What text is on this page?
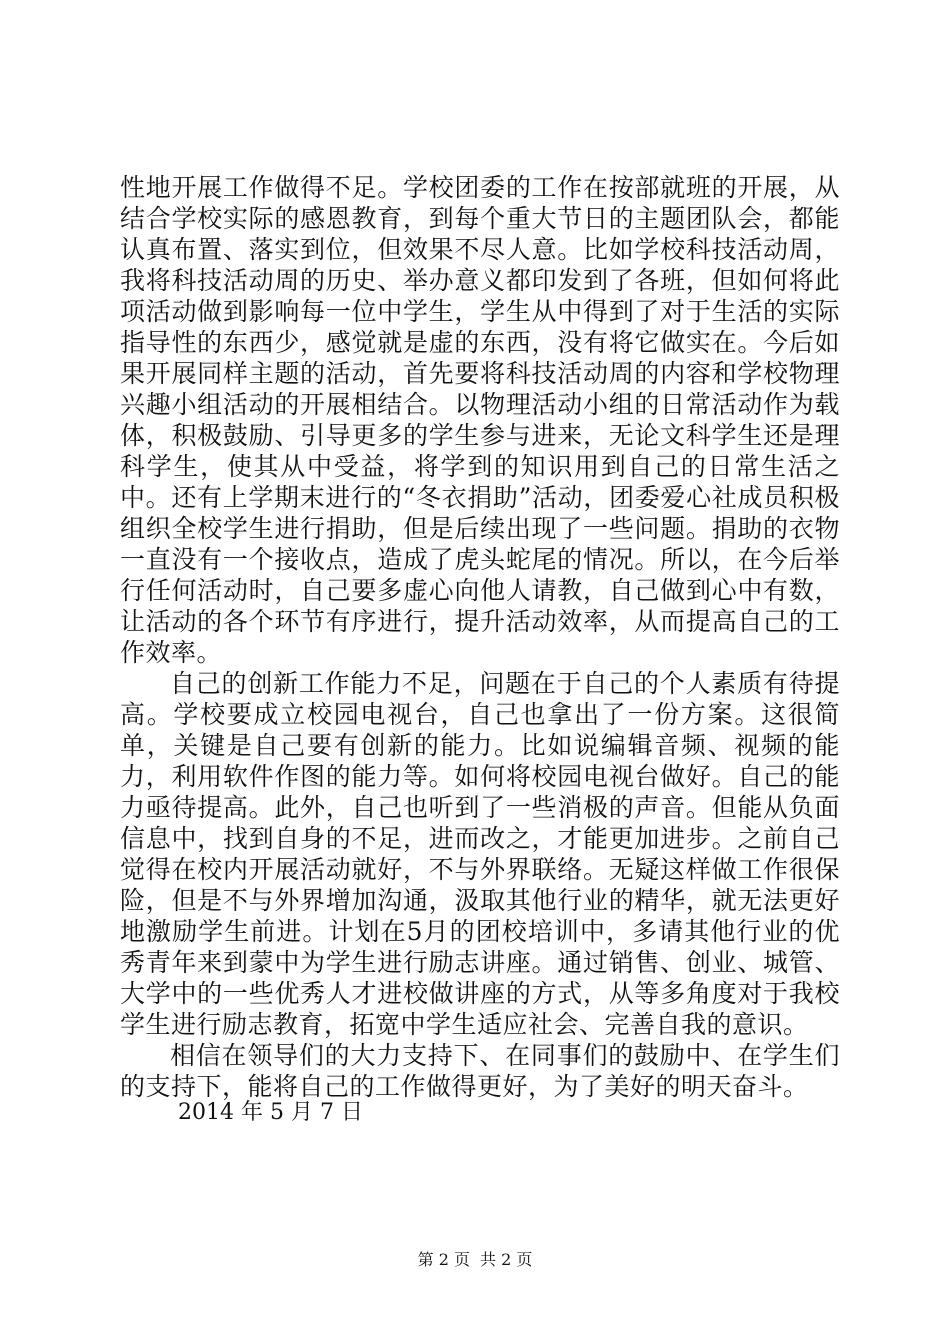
性地开展工作做得不足。学校团委的工作在按部就班的开展，从结合学校实际的感恩教育，到每个重大节日的主题团队会，都能认真布置、落实到位，但效果不尽人意。比如学校科技活动周，我将科技活动周的历史、举办意义都印发到了各班，但如何将此项活动做到影响每一位中学生，学生从中得到了对于生活的实际指导性的东西少，感觉就是虚的东西，没有将它做实在。今后如果开展同样主题的活动，首先要将科技活动周的内容和学校物理兴趣小组活动的开展相结合。以物理活动小组的日常活动作为载体，积极鼓励、引导更多的学生参与进来，无论文科学生还是理科学生，使其从中受益，将学到的知识用到自己的日常生活之中。还有上学期末进行的“冬衣捐助”活动，团委爱心社成员积极组织全校学生进行捐助，但是后续出现了一些问题。捐助的衣物一直没有一个接收点，造成了虎头蛇尾的情况。所以，在今后举行任何活动时，自己要多虚心向他人请教，自己做到心中有数，让活动的各个环节有序进行，提升活动效率，从而提高自己的工作效率。

自己的创新工作能力不足，问题在于自己的个人素质有待提高。学校要成立校园电视台，自己也拿出了一份方案。这很简单，关键是自己要有创新的能力。比如说编辑音频、视频的能力，利用软件作图的能力等。如何将校园电视台做好。自己的能力亟待提高。此外，自己也听到了一些消极的声音。但能从负面信息中，找到自身的不足，进而改之，才能更加进步。之前自己觉得在校内开展活动就好，不与外界联络。无疑这样做工作很保险，但是不与外界增加沟通，汲取其他行业的精华，就无法更好地激励学生前进。计划在5月的团校培训中，多请其他行业的优秀青年来到蒙中为学生进行励志讲座。通过销售、创业、城管、大学中的一些优秀人才进校做讲座的方式，从等多角度对于我校学生进行励志教育，拓宽中学生适应社会、完善自我的意识。

相信在领导们的大力支持下、在同事们的鼓励中、在学生们的支持下，能将自己的工作做得更好，为了美好的明天奋斗。

2014 年 5 月 7 日
第 2 页 共 2 页
